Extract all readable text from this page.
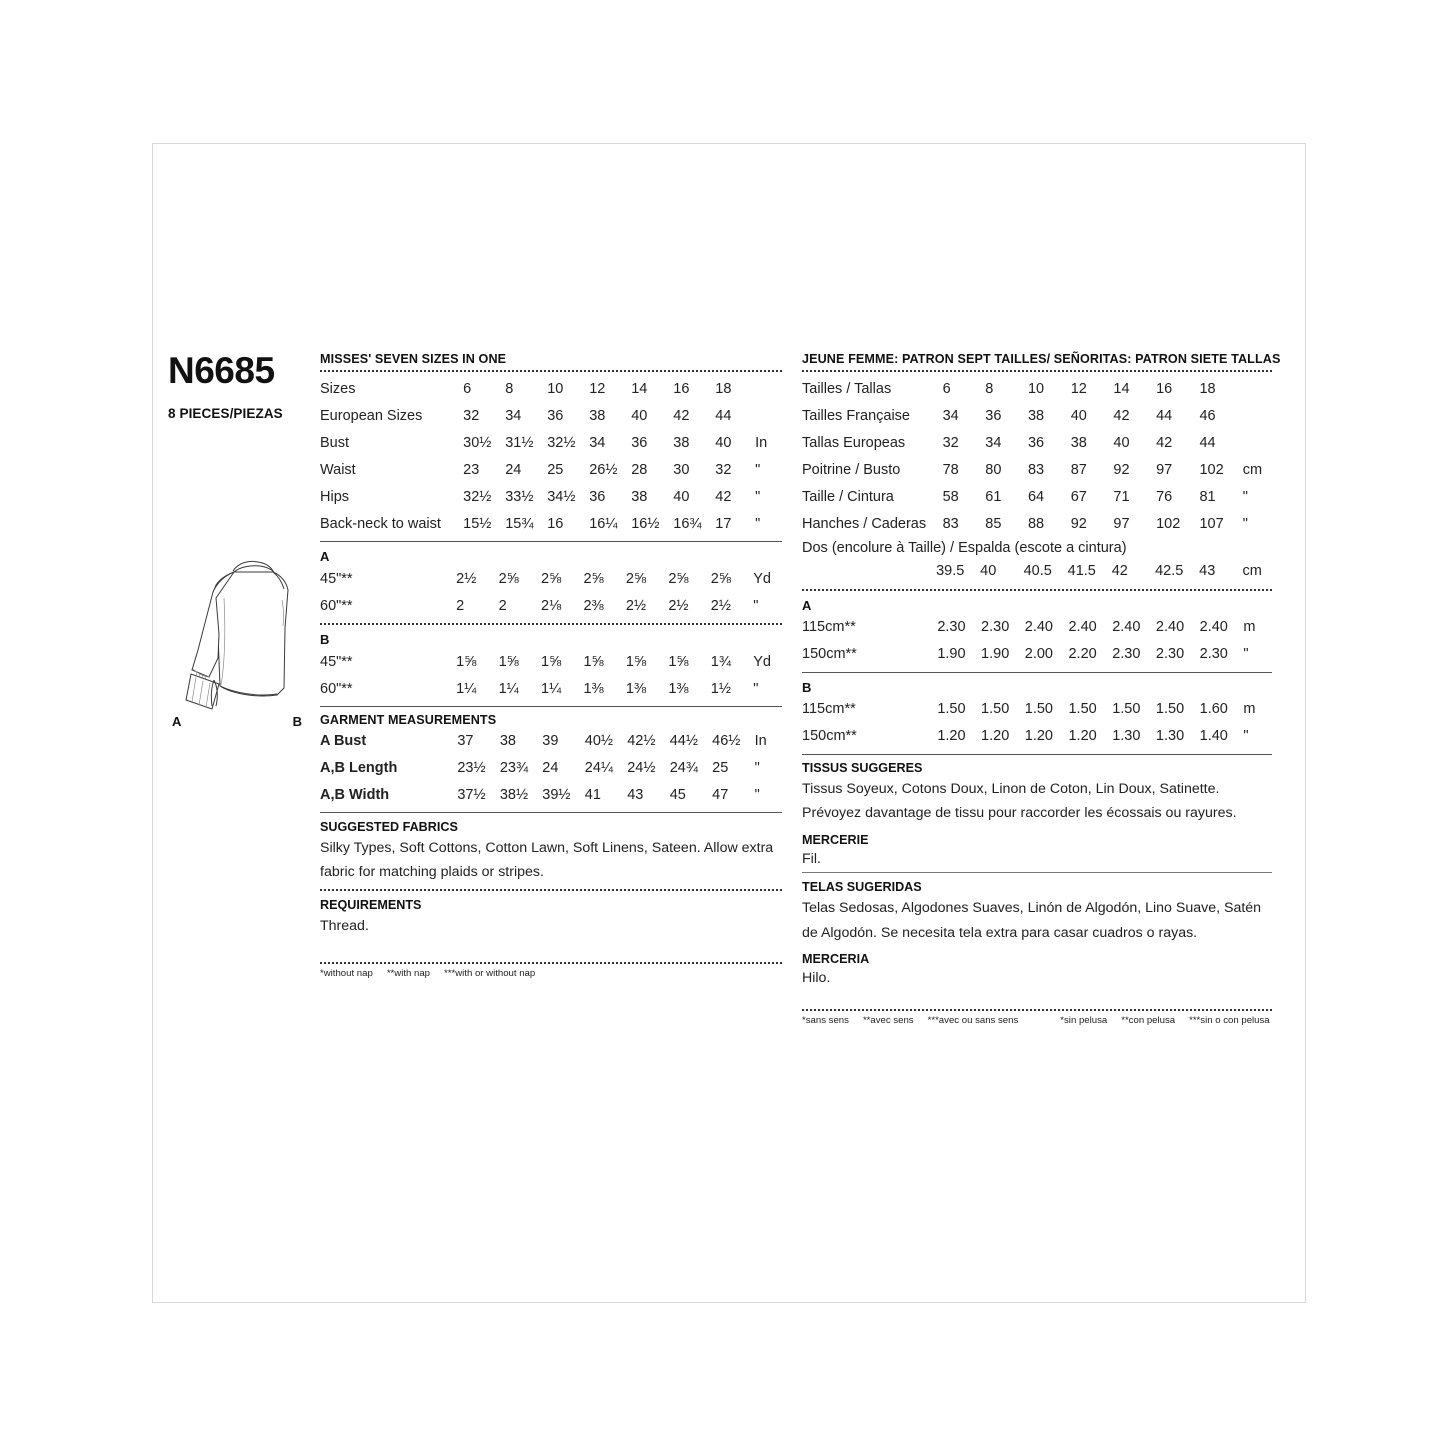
N6685
8 PIECES/PIEZAS
A	B
MISSES' SEVEN SIZES IN ONE
Sizes	6	8	10	12	14	16	18	
European Sizes	32	34	36	38	40	42	44	
Bust	30½	31½	32½	34	36	38	40	In
Waist	23	24	25	26½	28	30	32	"
Hips	32½	33½	34½	36	38	40	42	"
Back-neck to waist	15½	15¾	16	16¼	16½	16¾	17	"
A
45"**	2½	2⅝	2⅝	2⅝	2⅝	2⅝	2⅝	Yd
60"**	2	2	2⅛	2⅜	2½	2½	2½	"
B
45"**	1⅝	1⅝	1⅝	1⅝	1⅝	1⅝	1¾	Yd
60"**	1¼	1¼	1¼	1⅜	1⅜	1⅜	1½	"
GARMENT MEASUREMENTS
A Bust	37	38	39	40½	42½	44½	46½	In
A,B Length	23½	23¾	24	24¼	24½	24¾	25	"
A,B Width	37½	38½	39½	41	43	45	47	"
SUGGESTED FABRICS
Silky Types, Soft Cottons, Cotton Lawn, Soft Linens, Sateen. Allow extra fabric for matching plaids or stripes.
REQUIREMENTS
Thread.
*without nap **with nap ***with or without nap
JEUNE FEMME: PATRON SEPT TAILLES/ SEÑORITAS: PATRON SIETE TALLAS
Tailles / Tallas	6	8	10	12	14	16	18	
Tailles Française	34	36	38	40	42	44	46	
Tallas Europeas	32	34	36	38	40	42	44	
Poitrine / Busto	78	80	83	87	92	97	102	cm
Taille / Cintura	58	61	64	67	71	76	81	"
Hanches / Caderas	83	85	88	92	97	102	107	"
Dos (encolure à Taille) / Espalda (escote a cintura)
	39.5	40	40.5	41.5	42	42.5	43	cm
A
115cm**	2.30	2.30	2.40	2.40	2.40	2.40	2.40	m
150cm**	1.90	1.90	2.00	2.20	2.30	2.30	2.30	"
B
115cm**	1.50	1.50	1.50	1.50	1.50	1.50	1.60	m
150cm**	1.20	1.20	1.20	1.20	1.30	1.30	1.40	"
TISSUS SUGGERES
Tissus Soyeux, Cotons Doux, Linon de Coton, Lin Doux, Satinette. Prévoyez davantage de tissu pour raccorder les écossais ou rayures.
MERCERIE
Fil.
TELAS SUGERIDAS
Telas Sedosas, Algodones Suaves, Linón de Algodón, Lino Suave, Satén de Algodón. Se necesita tela extra para casar cuadros o rayas.
MERCERIA
Hilo.
*sans sens **avec sens ***avec ou sans sens	*sin pelusa **con pelusa ***sin o con pelusa
